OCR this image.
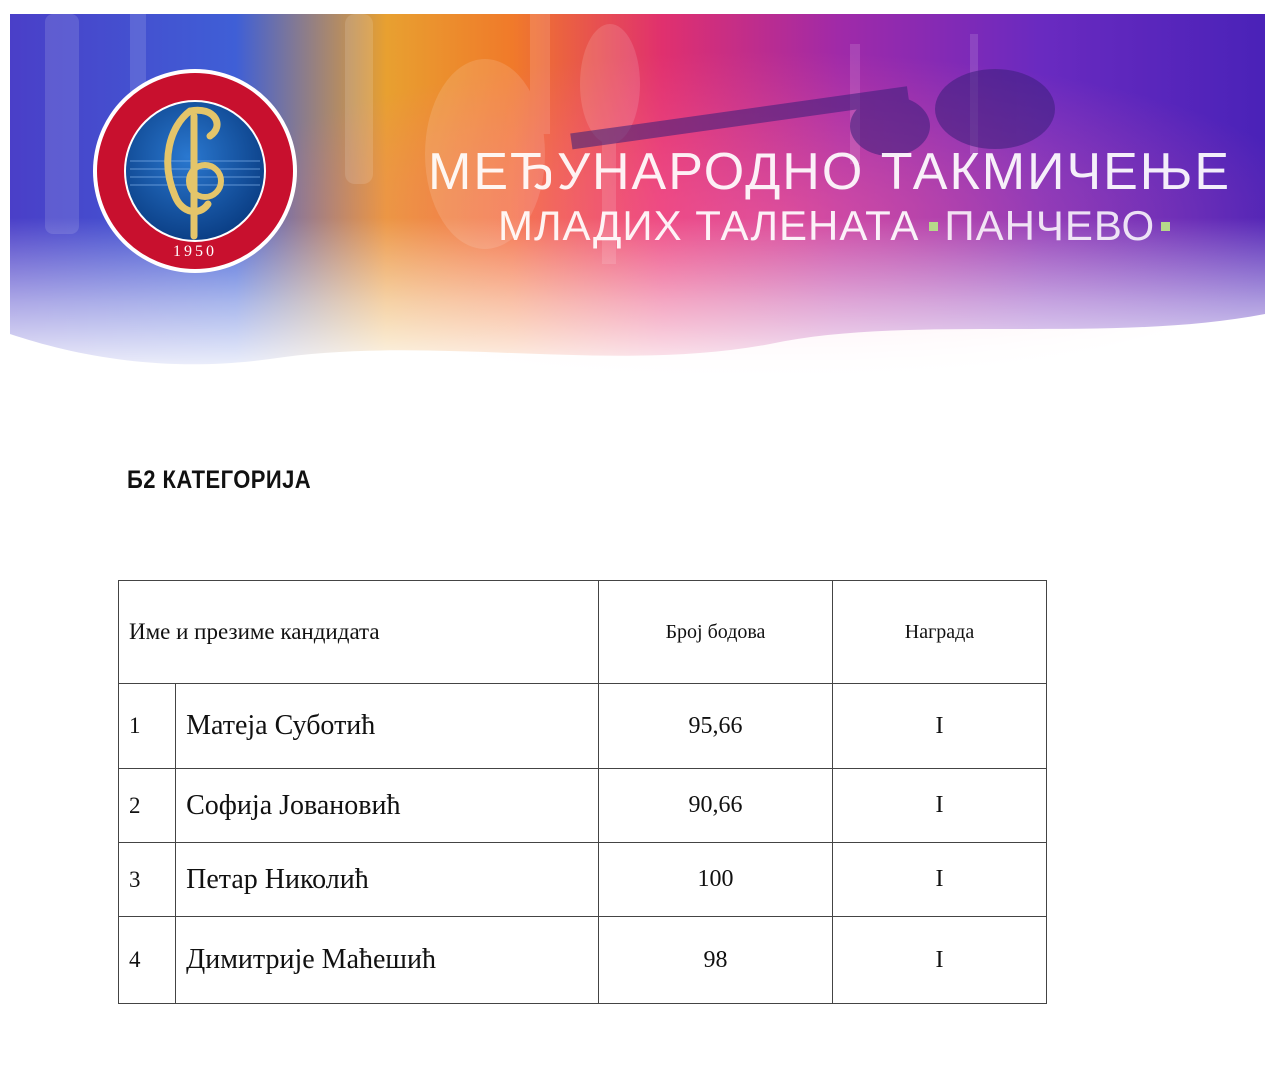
1950
МЕЂУНАРОДНО ТАКМИЧЕЊЕ
МЛАДИХ ТАЛЕНАТА ПАНЧЕВО
Б2 КАТЕГОРИЈА
Име и презиме кандидата		Број бодова	Награда
1	Матеја Суботић	95,66	I
2	Софија Јовановић	90,66	I
3	Петар Николић	100	I
4	Димитрије Маћешић	98	I
